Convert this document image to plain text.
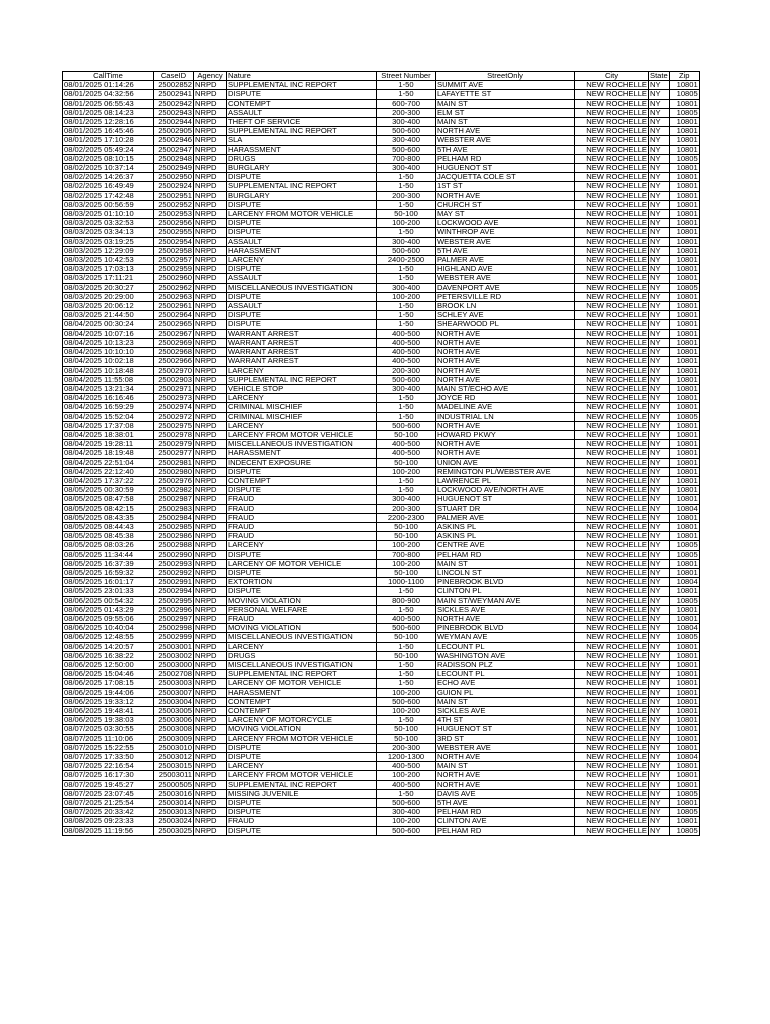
CallTime	CaseID	Agency	Nature	Street Number	StreetOnly	City	State	Zip
08/01/2025 01:14:26	25002852	NRPD	SUPPLEMENTAL INC REPORT	1-50	SUMMIT AVE	NEW ROCHELLE	NY	10801
08/01/2025 04:32:56	25002941	NRPD	DISPUTE	1-50	LAFAYETTE ST	NEW ROCHELLE	NY	10805
08/01/2025 06:55:43	25002942	NRPD	CONTEMPT	600-700	MAIN ST	NEW ROCHELLE	NY	10801
08/01/2025 08:14:23	25002943	NRPD	ASSAULT	200-300	ELM ST	NEW ROCHELLE	NY	10805
08/01/2025 12:28:16	25002944	NRPD	THEFT OF SERVICE	300-400	MAIN ST	NEW ROCHELLE	NY	10801
08/01/2025 16:45:46	25002905	NRPD	SUPPLEMENTAL INC REPORT	500-600	NORTH AVE	NEW ROCHELLE	NY	10801
08/01/2025 17:10:28	25002946	NRPD	SLA	300-400	WEBSTER AVE	NEW ROCHELLE	NY	10801
08/02/2025 05:49:24	25002947	NRPD	HARASSMENT	500-600	5TH AVE	NEW ROCHELLE	NY	10801
08/02/2025 08:10:15	25002948	NRPD	DRUGS	700-800	PELHAM RD	NEW ROCHELLE	NY	10805
08/02/2025 10:37:14	25002949	NRPD	BURGLARY	300-400	HUGUENOT ST	NEW ROCHELLE	NY	10801
08/02/2025 14:26:37	25002950	NRPD	DISPUTE	1-50	JACQUETTA COLE ST	NEW ROCHELLE	NY	10801
08/02/2025 16:49:49	25002924	NRPD	SUPPLEMENTAL INC REPORT	1-50	1ST ST	NEW ROCHELLE	NY	10801
08/02/2025 17:42:48	25002951	NRPD	BURGLARY	200-300	NORTH AVE	NEW ROCHELLE	NY	10801
08/03/2025 00:56:59	25002952	NRPD	DISPUTE	1-50	CHURCH ST	NEW ROCHELLE	NY	10801
08/03/2025 01:10:10	25002953	NRPD	LARCENY FROM MOTOR VEHICLE	50-100	MAY ST	NEW ROCHELLE	NY	10801
08/03/2025 03:32:53	25002956	NRPD	DISPUTE	100-200	LOCKWOOD AVE	NEW ROCHELLE	NY	10801
08/03/2025 03:34:13	25002955	NRPD	DISPUTE	1-50	WINTHROP AVE	NEW ROCHELLE	NY	10801
08/03/2025 03:19:25	25002954	NRPD	ASSAULT	300-400	WEBSTER AVE	NEW ROCHELLE	NY	10801
08/03/2025 12:29:09	25002958	NRPD	HARASSMENT	500-600	5TH AVE	NEW ROCHELLE	NY	10801
08/03/2025 10:42:53	25002957	NRPD	LARCENY	2400-2500	PALMER AVE	NEW ROCHELLE	NY	10801
08/03/2025 17:03:13	25002959	NRPD	DISPUTE	1-50	HIGHLAND AVE	NEW ROCHELLE	NY	10801
08/03/2025 17:11:21	25002960	NRPD	ASSAULT	1-50	WEBSTER AVE	NEW ROCHELLE	NY	10801
08/03/2025 20:30:27	25002962	NRPD	MISCELLANEOUS INVESTIGATION	300-400	DAVENPORT AVE	NEW ROCHELLE	NY	10805
08/03/2025 20:29:00	25002963	NRPD	DISPUTE	100-200	PETERSVILLE RD	NEW ROCHELLE	NY	10801
08/03/2025 20:06:12	25002961	NRPD	ASSAULT	1-50	BROOK LN	NEW ROCHELLE	NY	10801
08/03/2025 21:44:50	25002964	NRPD	DISPUTE	1-50	SCHLEY AVE	NEW ROCHELLE	NY	10801
08/04/2025 00:30:24	25002965	NRPD	DISPUTE	1-50	SHEARWOOD PL	NEW ROCHELLE	NY	10801
08/04/2025 10:07:16	25002967	NRPD	WARRANT ARREST	400-500	NORTH AVE	NEW ROCHELLE	NY	10801
08/04/2025 10:13:23	25002969	NRPD	WARRANT ARREST	400-500	NORTH AVE	NEW ROCHELLE	NY	10801
08/04/2025 10:10:10	25002968	NRPD	WARRANT ARREST	400-500	NORTH AVE	NEW ROCHELLE	NY	10801
08/04/2025 10:02:18	25002966	NRPD	WARRANT ARREST	400-500	NORTH AVE	NEW ROCHELLE	NY	10801
08/04/2025 10:18:48	25002970	NRPD	LARCENY	200-300	NORTH AVE	NEW ROCHELLE	NY	10801
08/04/2025 11:55:08	25002903	NRPD	SUPPLEMENTAL INC REPORT	500-600	NORTH AVE	NEW ROCHELLE	NY	10801
08/04/2025 13:21:34	25002971	NRPD	VEHICLE STOP	300-400	MAIN ST/ECHO AVE	NEW ROCHELLE	NY	10801
08/04/2025 16:16:46	25002973	NRPD	LARCENY	1-50	JOYCE RD	NEW ROCHELLE	NY	10801
08/04/2025 16:59:29	25002974	NRPD	CRIMINAL MISCHIEF	1-50	MADELINE AVE	NEW ROCHELLE	NY	10801
08/04/2025 15:52:04	25002972	NRPD	CRIMINAL MISCHIEF	1-50	INDUSTRIAL LN	NEW ROCHELLE	NY	10805
08/04/2025 17:37:08	25002975	NRPD	LARCENY	500-600	NORTH AVE	NEW ROCHELLE	NY	10801
08/04/2025 18:38:01	25002978	NRPD	LARCENY FROM MOTOR VEHICLE	50-100	HOWARD PKWY	NEW ROCHELLE	NY	10801
08/04/2025 19:28:11	25002979	NRPD	MISCELLANEOUS INVESTIGATION	400-500	NORTH AVE	NEW ROCHELLE	NY	10801
08/04/2025 18:19:48	25002977	NRPD	HARASSMENT	400-500	NORTH AVE	NEW ROCHELLE	NY	10801
08/04/2025 22:51:04	25002981	NRPD	INDECENT EXPOSURE	50-100	UNION AVE	NEW ROCHELLE	NY	10801
08/04/2025 22:12:40	25002980	NRPD	DISPUTE	100-200	REMINGTON PL/WEBSTER AVE	NEW ROCHELLE	NY	10801
08/04/2025 17:37:22	25002976	NRPD	CONTEMPT	1-50	LAWRENCE PL	NEW ROCHELLE	NY	10801
08/05/2025 00:30:59	25002982	NRPD	DISPUTE	1-50	LOCKWOOD AVE/NORTH AVE	NEW ROCHELLE	NY	10801
08/05/2025 08:47:58	25002987	NRPD	FRAUD	300-400	HUGUENOT ST	NEW ROCHELLE	NY	10801
08/05/2025 08:42:15	25002983	NRPD	FRAUD	200-300	STUART DR	NEW ROCHELLE	NY	10804
08/05/2025 08:43:35	25002984	NRPD	FRAUD	2200-2300	PALMER AVE	NEW ROCHELLE	NY	10801
08/05/2025 08:44:43	25002985	NRPD	FRAUD	50-100	ASKINS PL	NEW ROCHELLE	NY	10801
08/05/2025 08:45:38	25002986	NRPD	FRAUD	50-100	ASKINS PL	NEW ROCHELLE	NY	10801
08/05/2025 08:03:26	25002988	NRPD	LARCENY	100-200	CENTRE AVE	NEW ROCHELLE	NY	10805
08/05/2025 11:34:44	25002990	NRPD	DISPUTE	700-800	PELHAM RD	NEW ROCHELLE	NY	10805
08/05/2025 16:37:39	25002993	NRPD	LARCENY OF MOTOR VEHICLE	100-200	MAIN ST	NEW ROCHELLE	NY	10801
08/05/2025 16:59:32	25002992	NRPD	DISPUTE	50-100	LINCOLN ST	NEW ROCHELLE	NY	10801
08/05/2025 16:01:17	25002991	NRPD	EXTORTION	1000-1100	PINEBROOK BLVD	NEW ROCHELLE	NY	10804
08/05/2025 23:01:33	25002994	NRPD	DISPUTE	1-50	CLINTON PL	NEW ROCHELLE	NY	10801
08/06/2025 00:54:32	25002995	NRPD	MOVING VIOLATION	800-900	MAIN ST/WEYMAN AVE	NEW ROCHELLE	NY	10805
08/06/2025 01:43:29	25002996	NRPD	PERSONAL WELFARE	1-50	SICKLES AVE	NEW ROCHELLE	NY	10801
08/06/2025 09:55:06	25002997	NRPD	FRAUD	400-500	NORTH AVE	NEW ROCHELLE	NY	10801
08/06/2025 10:40:04	25002998	NRPD	MOVING VIOLATION	500-600	PINEBROOK BLVD	NEW ROCHELLE	NY	10804
08/06/2025 12:48:55	25002999	NRPD	MISCELLANEOUS INVESTIGATION	50-100	WEYMAN AVE	NEW ROCHELLE	NY	10805
08/06/2025 14:20:57	25003001	NRPD	LARCENY	1-50	LECOUNT PL	NEW ROCHELLE	NY	10801
08/06/2025 16:38:22	25003002	NRPD	DRUGS	50-100	WASHINGTON AVE	NEW ROCHELLE	NY	10801
08/06/2025 12:50:00	25003000	NRPD	MISCELLANEOUS INVESTIGATION	1-50	RADISSON PLZ	NEW ROCHELLE	NY	10801
08/06/2025 15:04:46	25002708	NRPD	SUPPLEMENTAL INC REPORT	1-50	LECOUNT PL	NEW ROCHELLE	NY	10801
08/06/2025 17:08:15	25003003	NRPD	LARCENY OF MOTOR VEHICLE	1-50	ECHO AVE	NEW ROCHELLE	NY	10801
08/06/2025 19:44:06	25003007	NRPD	HARASSMENT	100-200	GUION PL	NEW ROCHELLE	NY	10801
08/06/2025 19:33:12	25003004	NRPD	CONTEMPT	500-600	MAIN ST	NEW ROCHELLE	NY	10801
08/06/2025 19:48:41	25003005	NRPD	CONTEMPT	100-200	SICKLES AVE	NEW ROCHELLE	NY	10801
08/06/2025 19:38:03	25003006	NRPD	LARCENY OF MOTORCYCLE	1-50	4TH ST	NEW ROCHELLE	NY	10801
08/07/2025 03:30:55	25003008	NRPD	MOVING VIOLATION	50-100	HUGUENOT ST	NEW ROCHELLE	NY	10801
08/07/2025 11:10:06	25003009	NRPD	LARCENY FROM MOTOR VEHICLE	50-100	3RD ST	NEW ROCHELLE	NY	10801
08/07/2025 15:22:55	25003010	NRPD	DISPUTE	200-300	WEBSTER AVE	NEW ROCHELLE	NY	10801
08/07/2025 17:33:50	25003012	NRPD	DISPUTE	1200-1300	NORTH AVE	NEW ROCHELLE	NY	10804
08/07/2025 22:16:54	25003015	NRPD	LARCENY	400-500	MAIN ST	NEW ROCHELLE	NY	10801
08/07/2025 16:17:30	25003011	NRPD	LARCENY FROM MOTOR VEHICLE	100-200	NORTH AVE	NEW ROCHELLE	NY	10801
08/07/2025 19:45:27	25000505	NRPD	SUPPLEMENTAL INC REPORT	400-500	NORTH AVE	NEW ROCHELLE	NY	10801
08/07/2025 23:07:45	25003016	NRPD	MISSING JUVENILE	1-50	DAVIS AVE	NEW ROCHELLE	NY	10805
08/07/2025 21:25:54	25003014	NRPD	DISPUTE	500-600	5TH AVE	NEW ROCHELLE	NY	10801
08/07/2025 20:33:42	25003013	NRPD	DISPUTE	300-400	PELHAM RD	NEW ROCHELLE	NY	10805
08/08/2025 09:23:33	25003024	NRPD	FRAUD	100-200	CLINTON AVE	NEW ROCHELLE	NY	10801
08/08/2025 11:19:56	25003025	NRPD	DISPUTE	500-600	PELHAM RD	NEW ROCHELLE	NY	10805
